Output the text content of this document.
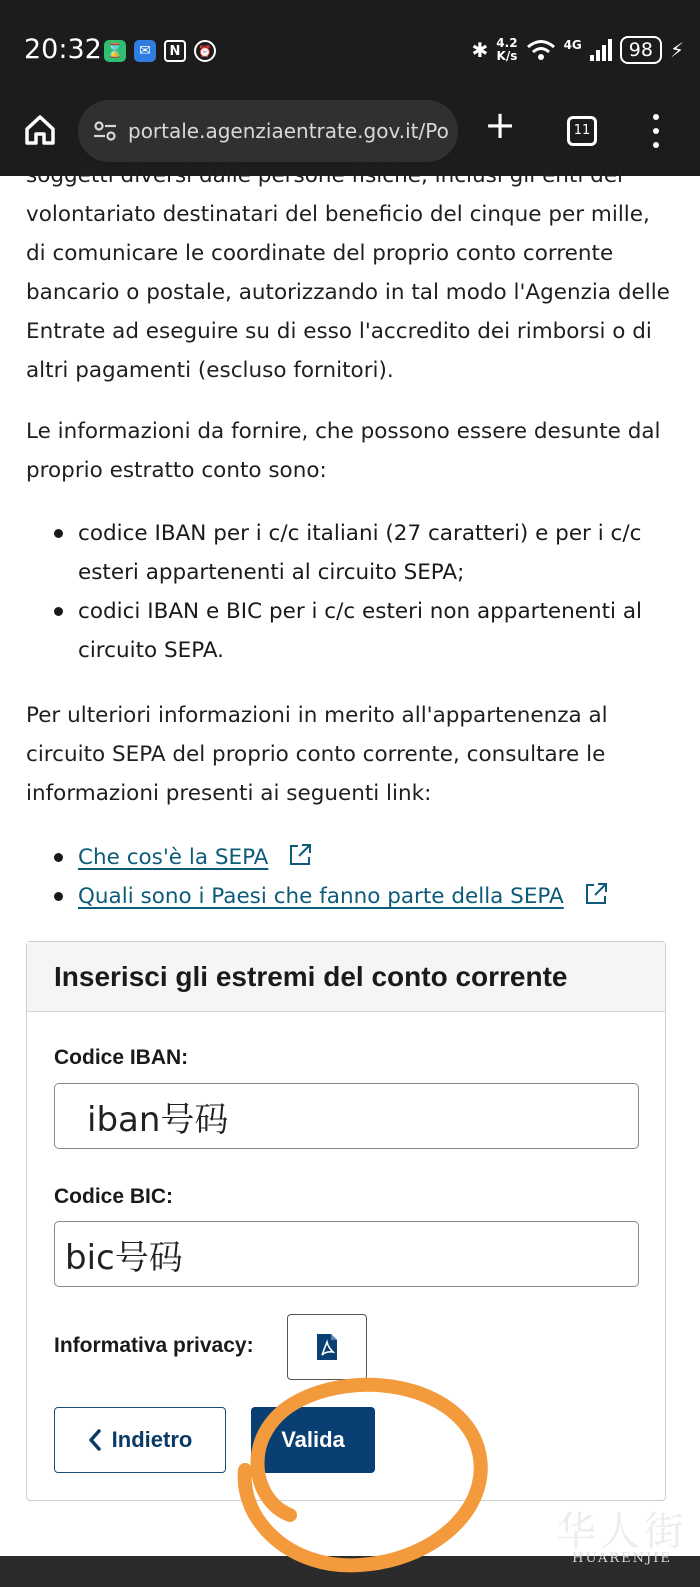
20:32 ⌛	✉	N	⏰	✱ 4.2
K/s
4G	98 ⚡
portale.agenziaentrate.gov.it/Po +	11
soggetti diversi dalle persone fisiche, inclusi gli enti del
volontariato destinatari del beneficio del cinque per mille,
di comunicare le coordinate del proprio conto corrente
bancario o postale, autorizzando in tal modo l'Agenzia delle
Entrate ad eseguire su di esso l'accredito dei rimborsi o di
altri pagamenti (escluso fornitori).

Le informazioni da fornire, che possono essere desunte dal proprio estratto conto sono:

codice IBAN per i c/c italiani (27 caratteri) e per i c/c esteri appartenenti al circuito SEPA;
codici IBAN e BIC per i c/c esteri non appartenenti al circuito SEPA.

Per ulteriori informazioni in merito all'appartenenza al circuito SEPA del proprio conto corrente, consultare le informazioni presenti ai seguenti link:

Che cos'è la SEPA
Quali sono i Paesi che fanno parte della SEPA
Inserisci gli estremi del conto corrente
Codice IBAN:
iban号码
Codice BIC:
bic号码
Informativa privacy:
Indietro	Valida
华人街
HUARENJIE
